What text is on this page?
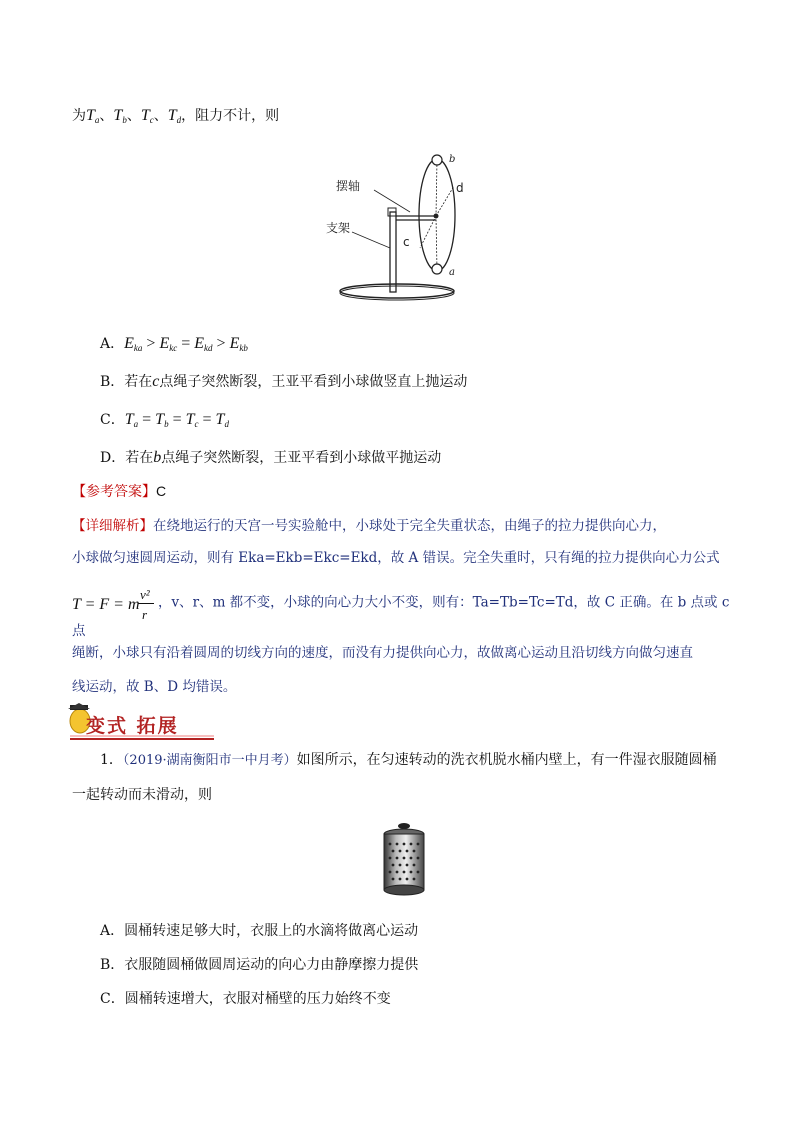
为$T_a$、$T_b$、$T_c$、$T_d$，阻力不计，则
摆轴
支架
c
b
d
a
A．$E_{ka} > E_{kc} = E_{kd} > E_{kb}$
B．若在c点绳子突然断裂，王亚平看到小球做竖直上抛运动
C．$T_a = T_b = T_c = T_d$
D．若在b点绳子突然断裂，王亚平看到小球做平抛运动
【参考答案】C
【详细解析】在绕地运行的天宫一号实验舱中，小球处于完全失重状态，由绳子的拉力提供向心力，
小球做匀速圆周运动，则有 Eka=Ekb=Ekc=Ekd，故 A 错误。完全失重时，只有绳的拉力提供向心力公式
T = F = m
v²
r
，v、r、m 都不变，小球的向心力大小不变，则有：Ta=Tb=Tc=Td，故 C 正确。在 b 点或 c 点
绳断，小球只有沿着圆周的切线方向的速度，而没有力提供向心力，故做离心运动且沿切线方向做匀速直
线运动，故 B、D 均错误。
变式 拓展
1．（2019·湖南衡阳市一中月考）如图所示，在匀速转动的洗衣机脱水桶内壁上，有一件湿衣服随圆桶
一起转动而未滑动，则
A．圆桶转速足够大时，衣服上的水滴将做离心运动
B．衣服随圆桶做圆周运动的向心力由静摩擦力提供
C．圆桶转速增大，衣服对桶壁的压力始终不变
